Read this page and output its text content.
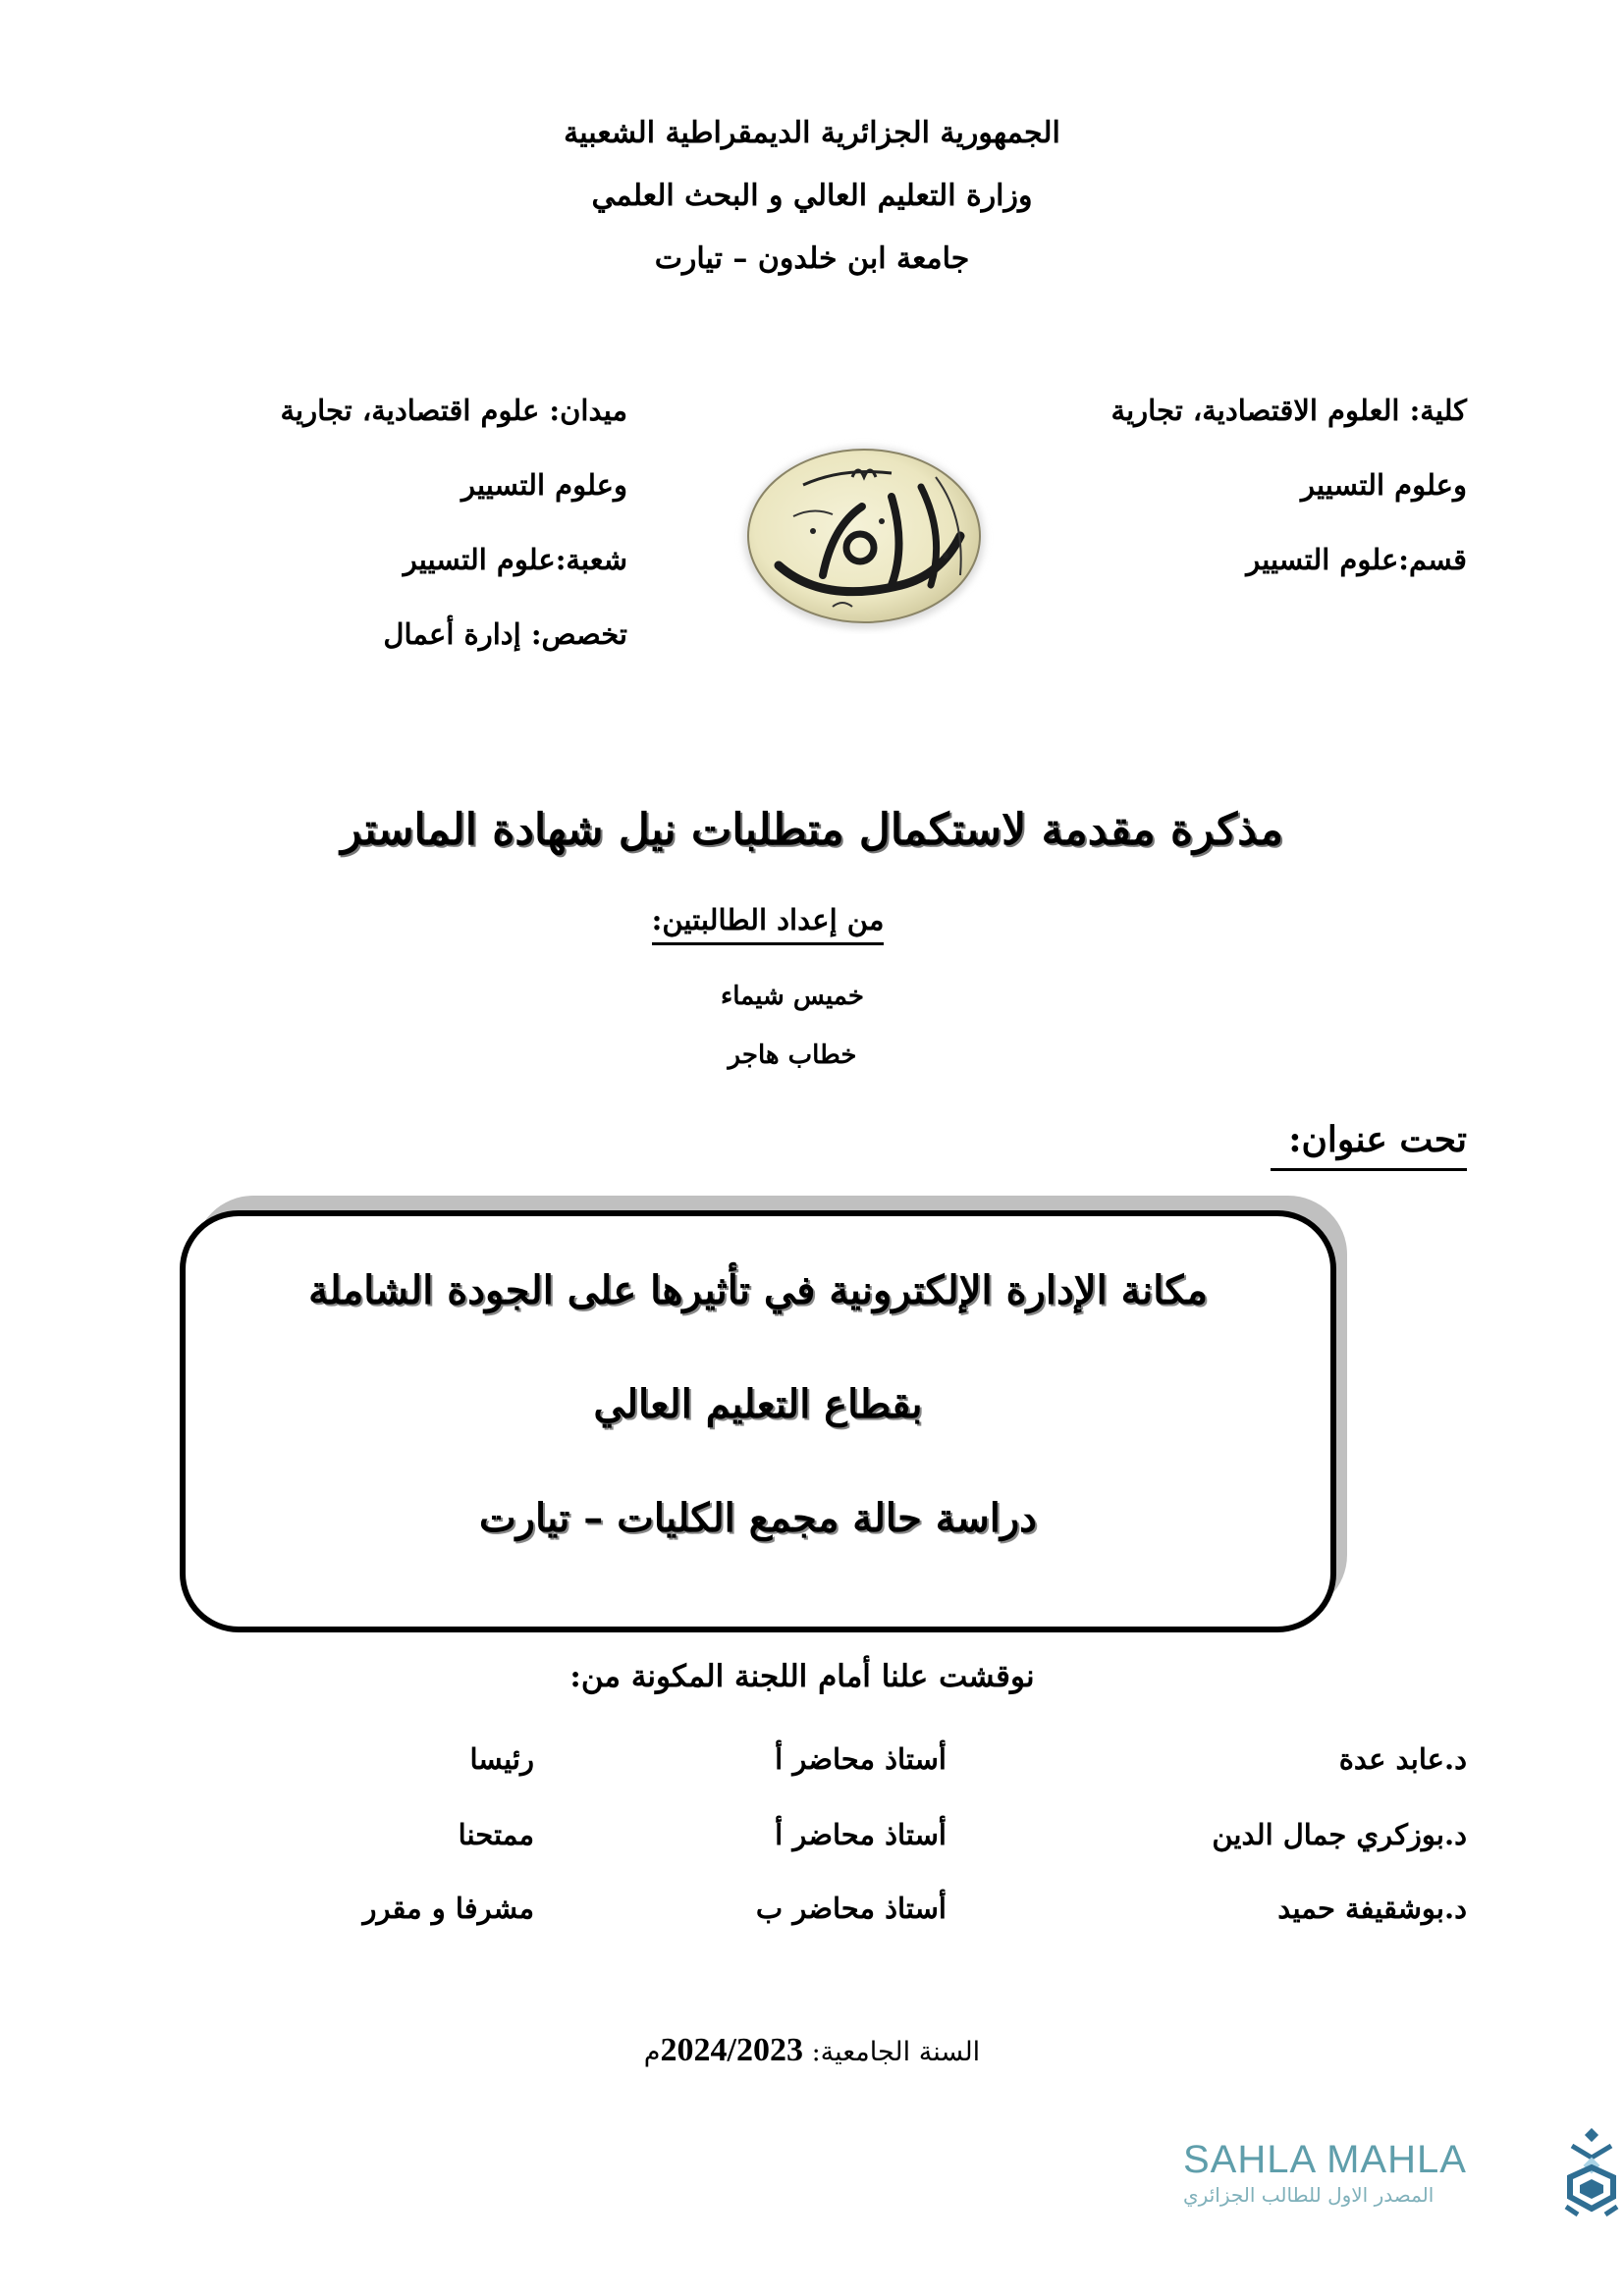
الجمهورية الجزائرية الديمقراطية الشعبية
وزارة التعليم العالي و البحث العلمي
جامعة ابن خلدون – تيارت
كلية: العلوم الاقتصادية، تجارية
وعلوم التسيير
قسم:علوم التسيير
ميدان: علوم اقتصادية، تجارية
وعلوم التسيير
شعبة:علوم التسيير
تخصص: إدارة أعمال
مذكرة مقدمة لاستكمال متطلبات نيل شهادة الماستر
من إعداد الطالبتين:
خميس شيماء
خطاب هاجر
تحت عنوان:
مكانة الإدارة الإلكترونية في تأثيرها على الجودة الشاملة
بقطاع التعليم العالي
دراسة حالة مجمع الكليات – تيارت
نوقشت علنا أمام اللجنة المكونة من:
د.عابد عدة
أستاذ محاضر أ
رئيسا
د.بوزكري جمال الدين
أستاذ محاضر أ
ممتحنا
د.بوشقيفة حميد
أستاذ محاضر ب
مشرفا و مقرر
السنة الجامعية: 2024/2023م
SAHLA MAHLA
المصدر الاول للطالب الجزائري
